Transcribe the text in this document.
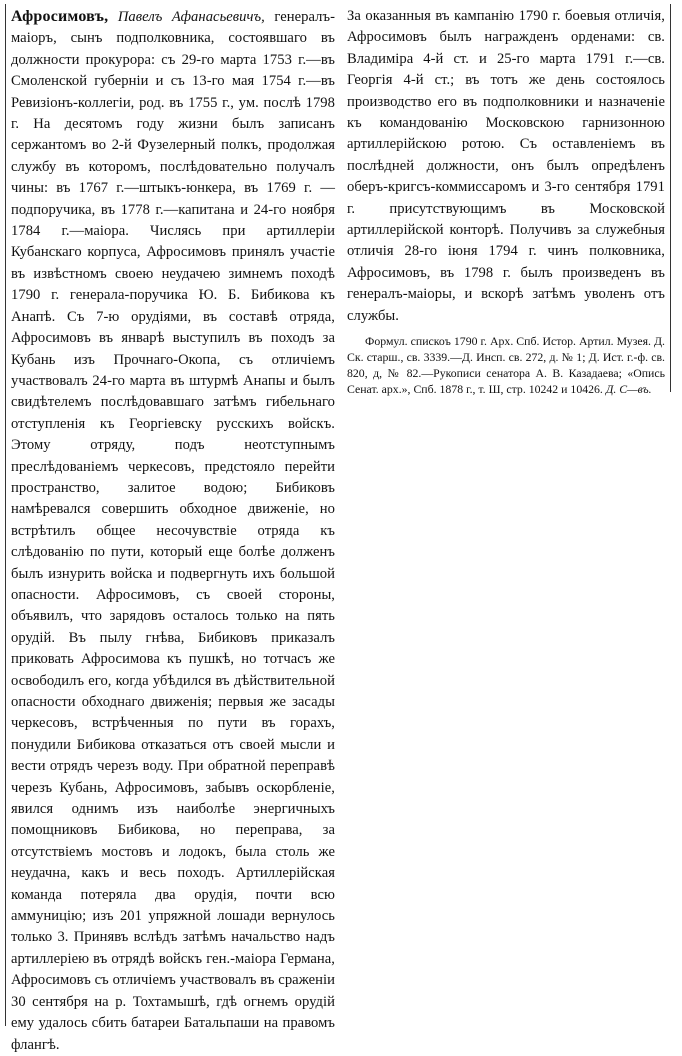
Афросимовъ, Павелъ Афанасьевичъ, генералъ-маіоръ, сынъ подполковника, состоявшаго въ должности прокурора: съ 29-го марта 1753 г.—въ Смоленской губерніи и съ 13-го мая 1754 г.—въ Ревизіонъ-коллегіи, род. въ 1755 г., ум. послѣ 1798 г. На десятомъ году жизни былъ записанъ сержантомъ во 2-й Фузелерный полкъ, продолжая службу въ которомъ, послѣдовательно получалъ чины: въ 1767 г.—штыкъ-юнкера, въ 1769 г. — подпоручика, въ 1778 г.—капитана и 24-го ноября 1784 г.—маіора. Числясь при артиллеріи Кубанскаго корпуса, Афросимовъ принялъ участіе въ извѣстномъ своею неудачею зимнемъ походѣ 1790 г. генерала-поручика Ю. Б. Бибикова къ Анапѣ. Съ 7-ю орудіями, въ составѣ отряда, Афросимовъ въ январѣ выступилъ въ походъ за Кубань изъ Прочнаго-Окопа, съ отличіемъ участвовалъ 24-го марта въ штурмѣ Анапы и былъ свидѣтелемъ послѣдовавшаго затѣмъ гибельнаго отступленія къ Георгіевску русскихъ войскъ. Этому отряду, подъ неотступнымъ преслѣдованіемъ черкесовъ, предстояло перейти пространство, залитое водою; Бибиковъ намѣревался совершить обходное движеніе, но встрѣтилъ общее несочувствіе отряда къ слѣдованію по пути, который еще болѣе долженъ былъ изнурить войска и подвергнуть ихъ большой опасности. Афросимовъ, съ своей стороны, объявилъ, что зарядовъ осталось только на пять орудій. Въ пылу гнѣва, Бибиковъ приказалъ приковать Афросимова къ пушкѣ, но тотчасъ же освободилъ его, когда убѣдился въ дѣйствительной опасности обходнаго движенія; первыя же засады черкесовъ, встрѣченныя по пути въ горахъ, понудили Бибикова отказаться отъ своей мысли и вести отрядъ черезъ воду. При обратной переправѣ черезъ Кубань, Афросимовъ, забывъ оскорбленіе, явился однимъ изъ наиболѣе энергичныхъ помощниковъ Бибикова, но переправа, за отсутствіемъ мостовъ и лодокъ, была столь же неудачна, какъ и весь походъ. Артиллерійская команда потеряла два орудія, почти всю аммуницію; изъ 201 упряжной лошади вернулось только 3. Принявъ вслѣдъ затѣмъ начальство надъ артиллеріею въ отрядѣ войскъ ген.-маіора Германа, Афросимовъ съ отличіемъ участвовалъ въ сраженіи 30 сентября на р. Тохтамышѣ, гдѣ огнемъ орудій ему удалось сбить батареи Батальпаши на правомъ флангѣ.

За оказанныя въ кампанію 1790 г. боевыя отличія, Афросимовъ былъ награжденъ орденами: св. Владиміра 4-й ст. и 25-го марта 1791 г.—св. Георгія 4-й ст.; въ тотъ же день состоялось производство его въ подполковники и назначеніе къ командованію Московскою гарнизонною артиллерійскою ротою. Съ оставленіемъ въ послѣдней должности, онъ былъ опредѣленъ оберъ-кригсъ-коммиссаромъ и 3-го сентября 1791 г. присутствующимъ въ Московской артиллерійской конторѣ. Получивъ за служебныя отличія 28-го іюня 1794 г. чинъ полковника, Афросимовъ, въ 1798 г. былъ произведенъ въ генералъ-маіоры, и вскорѣ затѣмъ уволенъ отъ службы.

Формул. спискоъ 1790 г. Арх. Спб. Истор. Артил. Музея. Д. Ск. старш., св. 3339.—Д. Инсп. св. 272, д. № 1; Д. Ист. г.-ф. св. 820, д, № 82.—Рукописи сенатора А. В. Казадаева; «Опись Сенат. арх.», Спб. 1878 г., т. Ш, стр. 10242 и 10426. Д. С—въ.
